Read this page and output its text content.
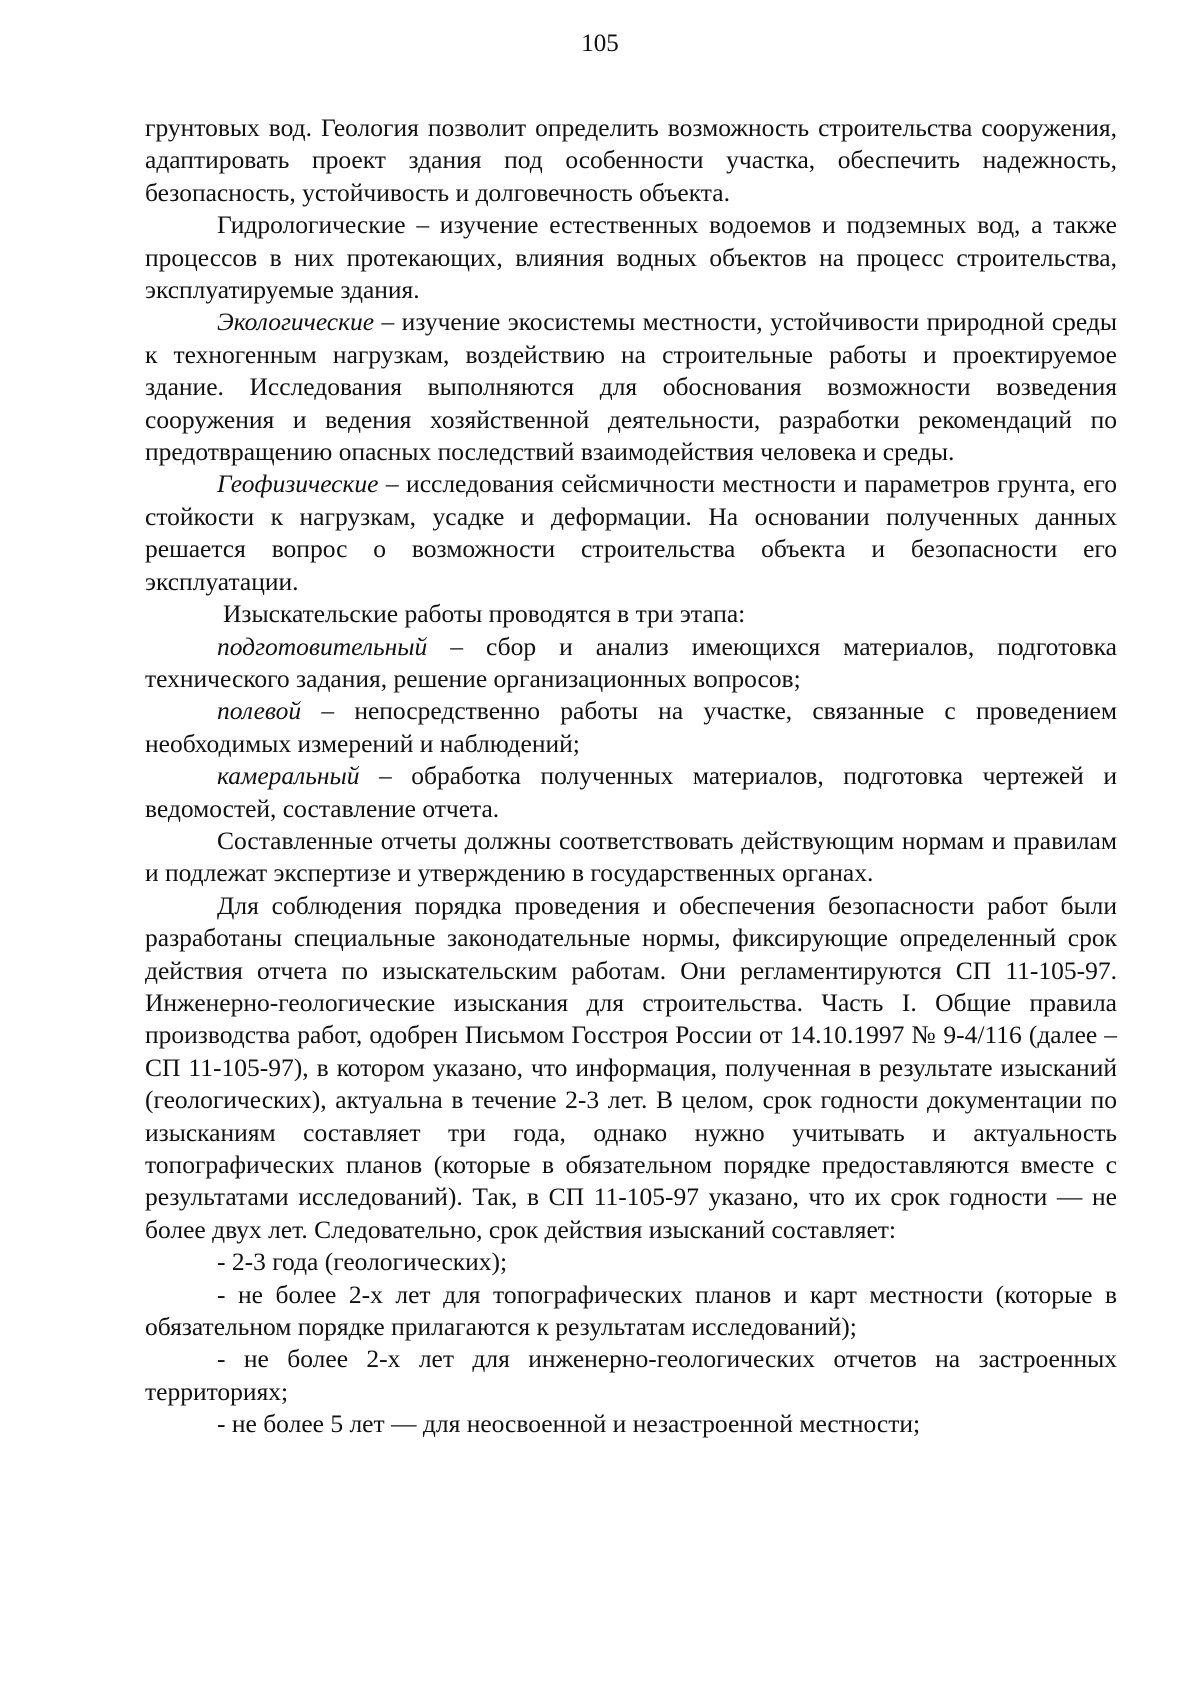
105

грунтовых вод. Геология позволит определить возможность строительства сооружения, адаптировать проект здания под особенности участка, обеспечить надежность, безопасность, устойчивость и долговечность объекта.

Гидрологические – изучение естественных водоемов и подземных вод, а также процессов в них протекающих, влияния водных объектов на процесс строительства, эксплуатируемые здания.

Экологические – изучение экосистемы местности, устойчивости природной среды к техногенным нагрузкам, воздействию на строительные работы и проектируемое здание. Исследования выполняются для обоснования возможности возведения сооружения и ведения хозяйственной деятельности, разработки рекомендаций по предотвращению опасных последствий взаимодействия человека и среды.

Геофизические – исследования сейсмичности местности и параметров грунта, его стойкости к нагрузкам, усадке и деформации. На основании полученных данных решается вопрос о возможности строительства объекта и безопасности его эксплуатации.

Изыскательские работы проводятся в три этапа:

подготовительный – сбор и анализ имеющихся материалов, подготовка технического задания, решение организационных вопросов;

полевой – непосредственно работы на участке, связанные с проведением необходимых измерений и наблюдений;

камеральный – обработка полученных материалов, подготовка чертежей и ведомостей, составление отчета.

Составленные отчеты должны соответствовать действующим нормам и правилам и подлежат экспертизе и утверждению в государственных органах.

Для соблюдения порядка проведения и обеспечения безопасности работ были разработаны специальные законодательные нормы, фиксирующие определенный срок действия отчета по изыскательским работам. Они регламентируются СП 11-105-97. Инженерно-геологические изыскания для строительства. Часть I. Общие правила производства работ, одобрен Письмом Госстроя России от 14.10.1997 № 9-4/116 (далее – СП 11-105-97), в котором указано, что информация, полученная в результате изысканий (геологических), актуальна в течение 2-3 лет. В целом, срок годности документации по изысканиям составляет три года, однако нужно учитывать и актуальность топографических планов (которые в обязательном порядке предоставляются вместе с результатами исследований). Так, в СП 11-105-97 указано, что их срок годности — не более двух лет. Следовательно, срок действия изысканий составляет:

- 2-3 года (геологических);

- не более 2-х лет для топографических планов и карт местности (которые в обязательном порядке прилагаются к результатам исследований);

- не более 2-х лет для инженерно-геологических отчетов на застроенных территориях;

- не более 5 лет — для неосвоенной и незастроенной местности;
